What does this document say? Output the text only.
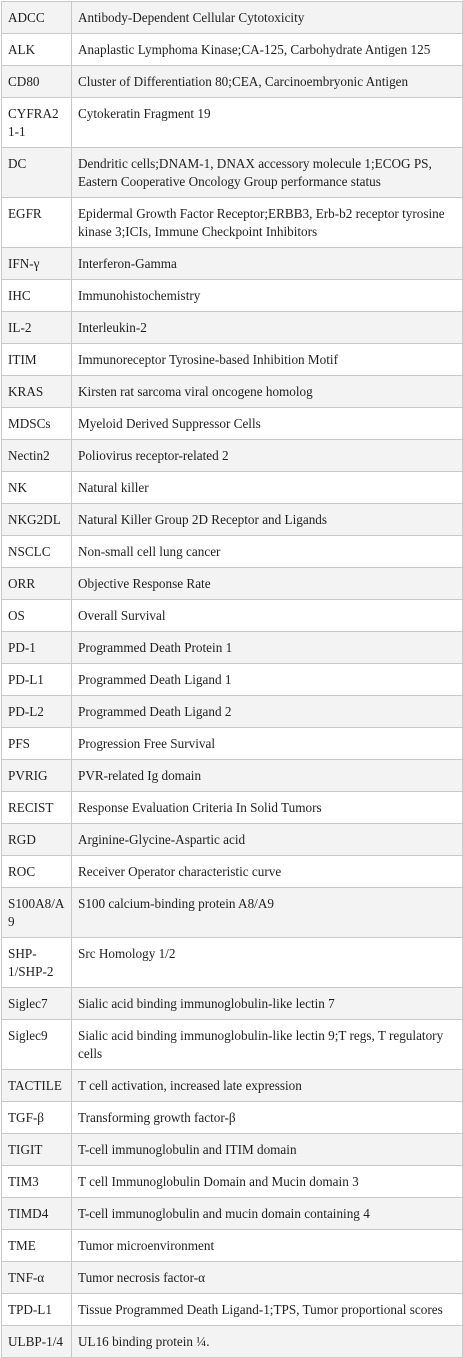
ADCC	Antibody-Dependent Cellular Cytotoxicity
ALK	Anaplastic Lymphoma Kinase;CA-125, Carbohydrate Antigen 125
CD80	Cluster of Differentiation 80;CEA, Carcinoembryonic Antigen
CYFRA21-1	Cytokeratin Fragment 19
DC	Dendritic cells;DNAM-1, DNAX accessory molecule 1;ECOG PS, Eastern Cooperative Oncology Group performance status
EGFR	Epidermal Growth Factor Receptor;ERBB3, Erb-b2 receptor tyrosine kinase 3;ICIs, Immune Checkpoint Inhibitors
IFN-γ	Interferon-Gamma
IHC	Immunohistochemistry
IL-2	Interleukin-2
ITIM	Immunoreceptor Tyrosine-based Inhibition Motif
KRAS	Kirsten rat sarcoma viral oncogene homolog
MDSCs	Myeloid Derived Suppressor Cells
Nectin2	Poliovirus receptor-related 2
NK	Natural killer
NKG2DL	Natural Killer Group 2D Receptor and Ligands
NSCLC	Non-small cell lung cancer
ORR	Objective Response Rate
OS	Overall Survival
PD-1	Programmed Death Protein 1
PD-L1	Programmed Death Ligand 1
PD-L2	Programmed Death Ligand 2
PFS	Progression Free Survival
PVRIG	PVR-related Ig domain
RECIST	Response Evaluation Criteria In Solid Tumors
RGD	Arginine-Glycine-Aspartic acid
ROC	Receiver Operator characteristic curve
S100A8/A9	S100 calcium-binding protein A8/A9
SHP-1/SHP-2	Src Homology 1/2
Siglec7	Sialic acid binding immunoglobulin-like lectin 7
Siglec9	Sialic acid binding immunoglobulin-like lectin 9;T regs, T regulatory cells
TACTILE	T cell activation, increased late expression
TGF-β	Transforming growth factor-β
TIGIT	T-cell immunoglobulin and ITIM domain
TIM3	T cell Immunoglobulin Domain and Mucin domain 3
TIMD4	T-cell immunoglobulin and mucin domain containing 4
TME	Tumor microenvironment
TNF-α	Tumor necrosis factor-α
TPD-L1	Tissue Programmed Death Ligand-1;TPS, Tumor proportional scores
ULBP-1/4	UL16 binding protein ¼.
